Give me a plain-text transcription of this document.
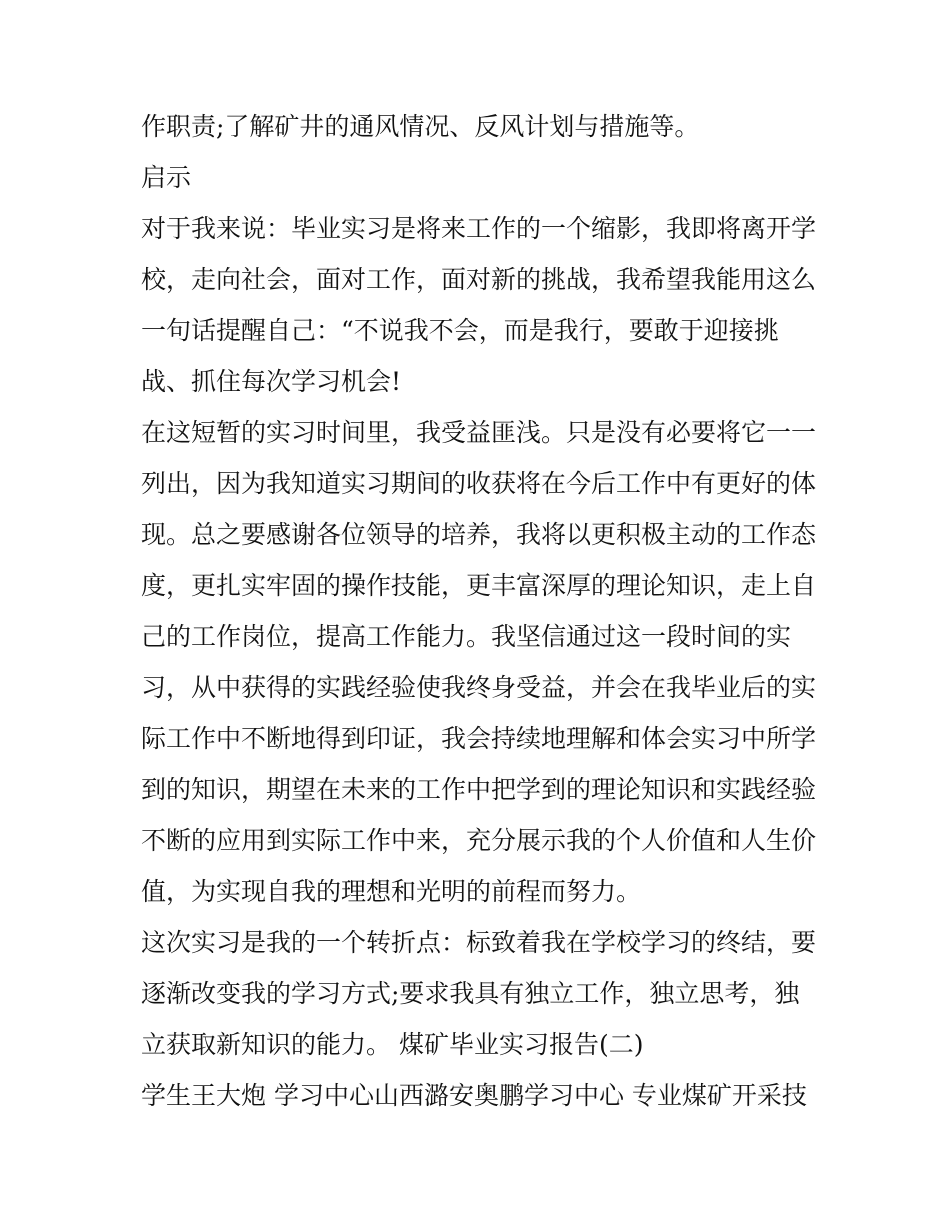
作职责;了解矿井的通风情况、反风计划与措施等。
启示
对于我来说：毕业实习是将来工作的一个缩影，我即将离开学
校，走向社会，面对工作，面对新的挑战，我希望我能用这么
一句话提醒自己：“不说我不会，而是我行，要敢于迎接挑
战、抓住每次学习机会!
在这短暂的实习时间里，我受益匪浅。只是没有必要将它一一
列出，因为我知道实习期间的收获将在今后工作中有更好的体
现。总之要感谢各位领导的培养，我将以更积极主动的工作态
度，更扎实牢固的操作技能，更丰富深厚的理论知识，走上自
己的工作岗位，提高工作能力。我坚信通过这一段时间的实
习，从中获得的实践经验使我终身受益，并会在我毕业后的实
际工作中不断地得到印证，我会持续地理解和体会实习中所学
到的知识，期望在未来的工作中把学到的理论知识和实践经验
不断的应用到实际工作中来，充分展示我的个人价值和人生价
值，为实现自我的理想和光明的前程而努力。
这次实习是我的一个转折点：标致着我在学校学习的终结，要
逐渐改变我的学习方式;要求我具有独立工作，独立思考，独
立获取新知识的能力。 煤矿毕业实习报告(二)
学生王大炮 学习中心山西潞安奥鹏学习中心 专业煤矿开采技
